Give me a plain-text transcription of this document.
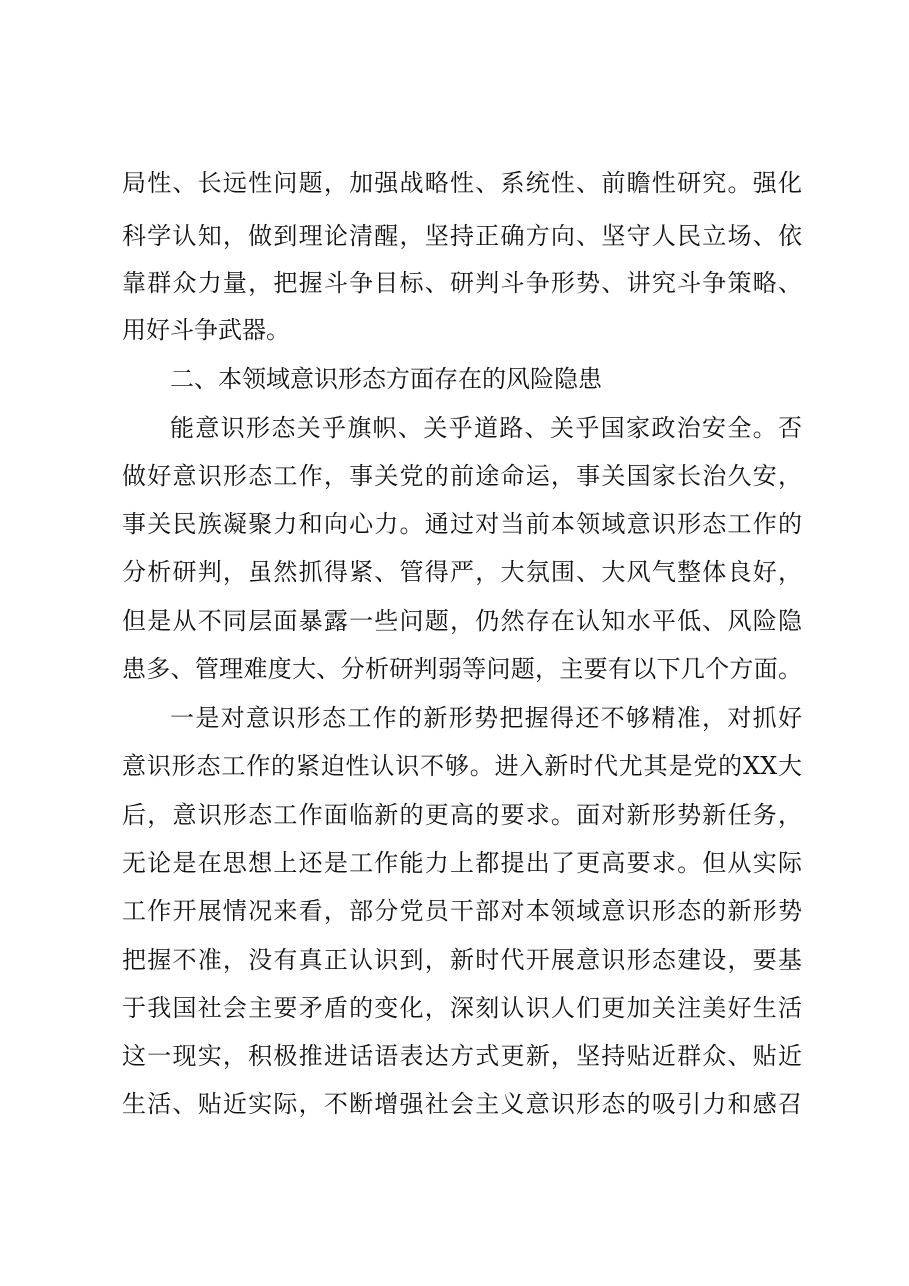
局性、长远性问题，加强战略性、系统性、前瞻性研究。强化
科学认知，做到理论清醒，坚持正确方向、坚守人民立场、依
靠群众力量，把握斗争目标、研判斗争形势、讲究斗争策略、
用好斗争武器。
二、本领域意识形态方面存在的风险隐患
能意识形态关乎旗帜、关乎道路、关乎国家政治安全。否
做好意识形态工作，事关党的前途命运，事关国家长治久安，
事关民族凝聚力和向心力。通过对当前本领域意识形态工作的
分析研判，虽然抓得紧、管得严，大氛围、大风气整体良好，
但是从不同层面暴露一些问题，仍然存在认知水平低、风险隐
患多、管理难度大、分析研判弱等问题，主要有以下几个方面。
一是对意识形态工作的新形势把握得还不够精准，对抓好
意识形态工作的紧迫性认识不够。进入新时代尤其是党的XX大
后，意识形态工作面临新的更高的要求。面对新形势新任务，
无论是在思想上还是工作能力上都提出了更高要求。但从实际
工作开展情况来看，部分党员干部对本领域意识形态的新形势
把握不准，没有真正认识到，新时代开展意识形态建设，要基
于我国社会主要矛盾的变化，深刻认识人们更加关注美好生活
这一现实，积极推进话语表达方式更新，坚持贴近群众、贴近
生活、贴近实际，不断增强社会主义意识形态的吸引力和感召
